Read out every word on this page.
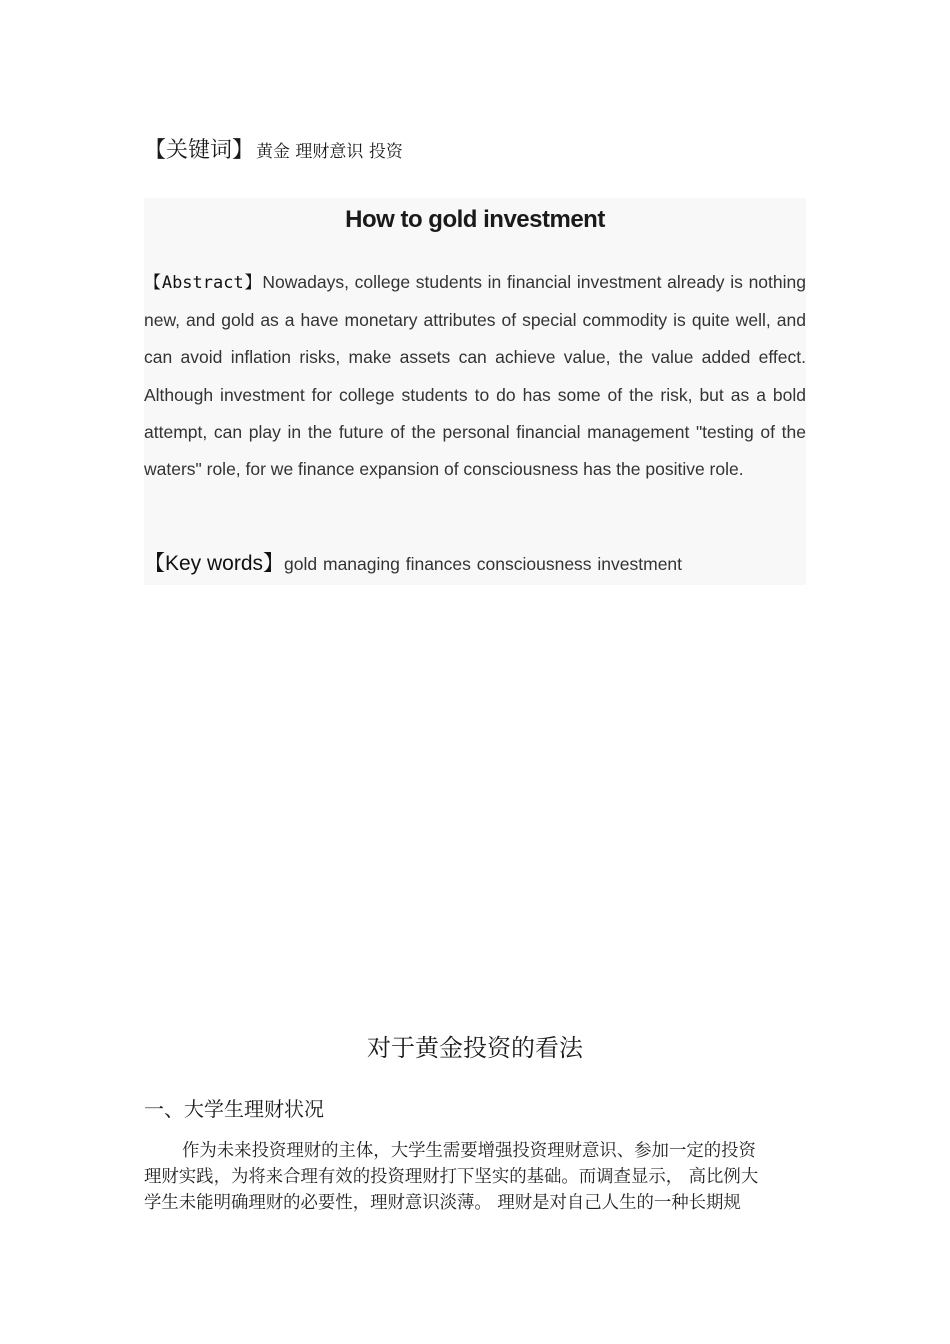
【关键词】 黄金 理财意识 投资
How to gold investment
【Abstract】Nowadays, college students in financial investment already is nothing new, and gold as a have monetary attributes of special commodity is quite well, and can avoid inflation risks, make assets can achieve value, the value added effect. Although investment for college students to do has some of the risk, but as a bold attempt, can play in the future of the personal financial management "testing of the waters" role, for we finance expansion of consciousness has the positive role.
【Key words】gold managing finances consciousness investment
对于黄金投资的看法
一、大学生理财状况
作为未来投资理财的主体，大学生需要增强投资理财意识、参加一定的投资
理财实践，为将来合理有效的投资理财打下坚实的基础。而调查显示， 高比例大
学生未能明确理财的必要性，理财意识淡薄。 理财是对自己人生的一种长期规
